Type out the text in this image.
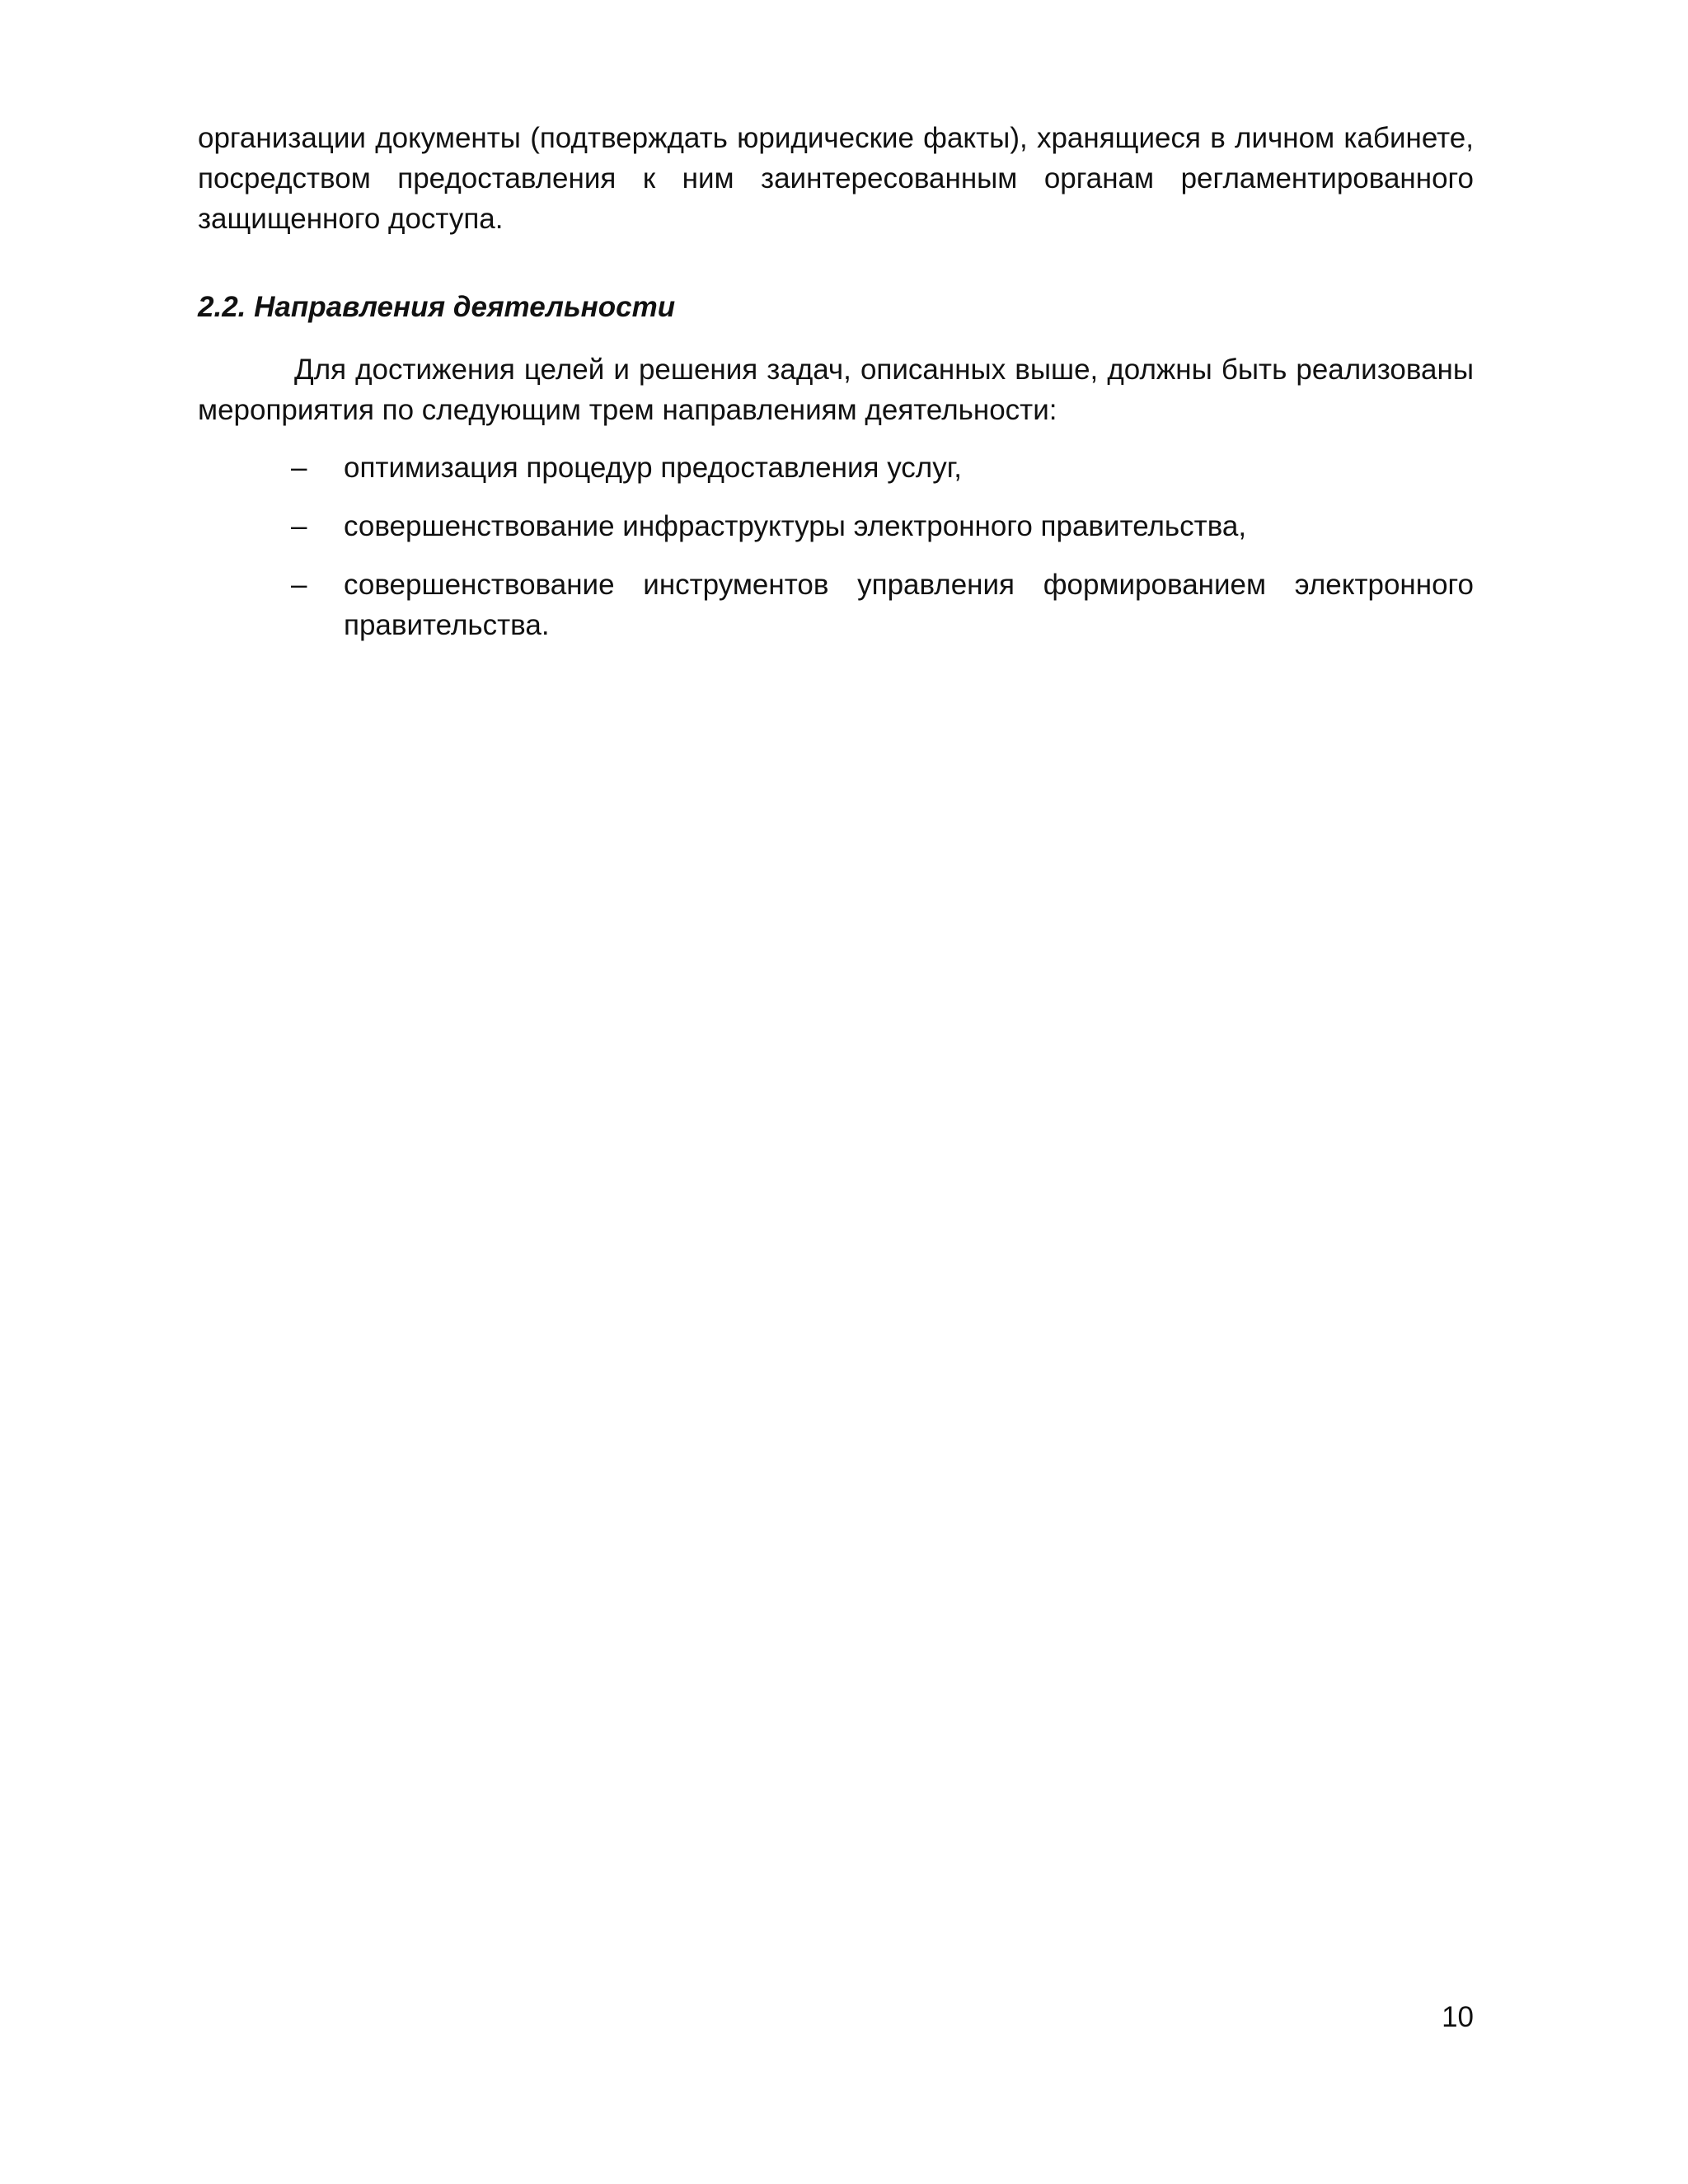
организации документы (подтверждать юридические факты), хранящиеся в личном кабинете, посредством предоставления к ним заинтересованным органам регламентированного защищенного доступа.

2.2. Направления деятельности

Для достижения целей и решения задач, описанных выше, должны быть реализованы мероприятия по следующим трем направлениям деятельности:

–	оптимизация процедур предоставления услуг,
–	совершенствование инфраструктуры электронного правительства,
–	совершенствование инструментов управления формированием электронного правительства.
10
